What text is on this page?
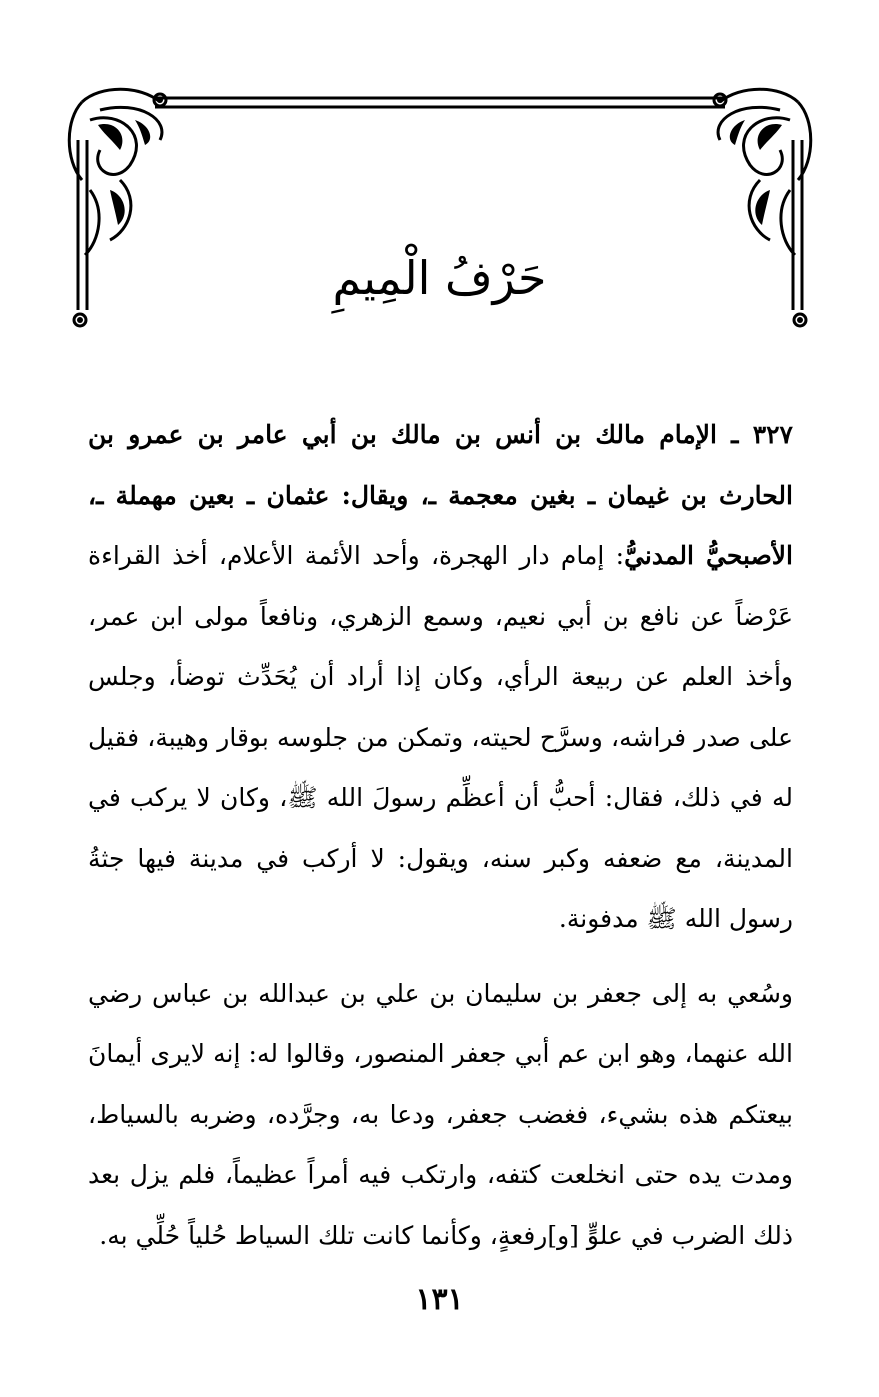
حَرْفُ الْمِيمِ

٣٢٧ ـ الإمام مالك بن أنس بن مالك بن أبي عامر بن عمرو بن الحارث بن غيمان ـ بغين معجمة ـ، ويقال: عثمان ـ بعين مهملة ـ، الأصبحيُّ المدنيُّ: إمام دار الهجرة، وأحد الأئمة الأعلام، أخذ القراءة عَرْضاً عن نافع بن أبي نعيم، وسمع الزهري، ونافعاً مولى ابن عمر، وأخذ العلم عن ربيعة الرأي، وكان إذا أراد أن يُحَدِّث توضأ، وجلس على صدر فراشه، وسرَّح لحيته، وتمكن من جلوسه بوقار وهيبة، فقيل له في ذلك، فقال: أحبُّ أن أعظِّم رسولَ الله ﷺ، وكان لا يركب في المدينة، مع ضعفه وكبر سنه، ويقول: لا أركب في مدينة فيها جثةُ رسول الله ﷺ مدفونة.

وسُعي به إلى جعفر بن سليمان بن علي بن عبدالله بن عباس رضي الله عنهما، وهو ابن عم أبي جعفر المنصور، وقالوا له: إنه لايرى أيمانَ بيعتكم هذه بشيء، فغضب جعفر، ودعا به، وجرَّده، وضربه بالسياط، ومدت يده حتى انخلعت كتفه، وارتكب فيه أمراً عظيماً، فلم يزل بعد ذلك الضرب في علوٍّ [و]رفعةٍ، وكأنما كانت تلك السياط حُلياً حُلِّي به.

١٣١
